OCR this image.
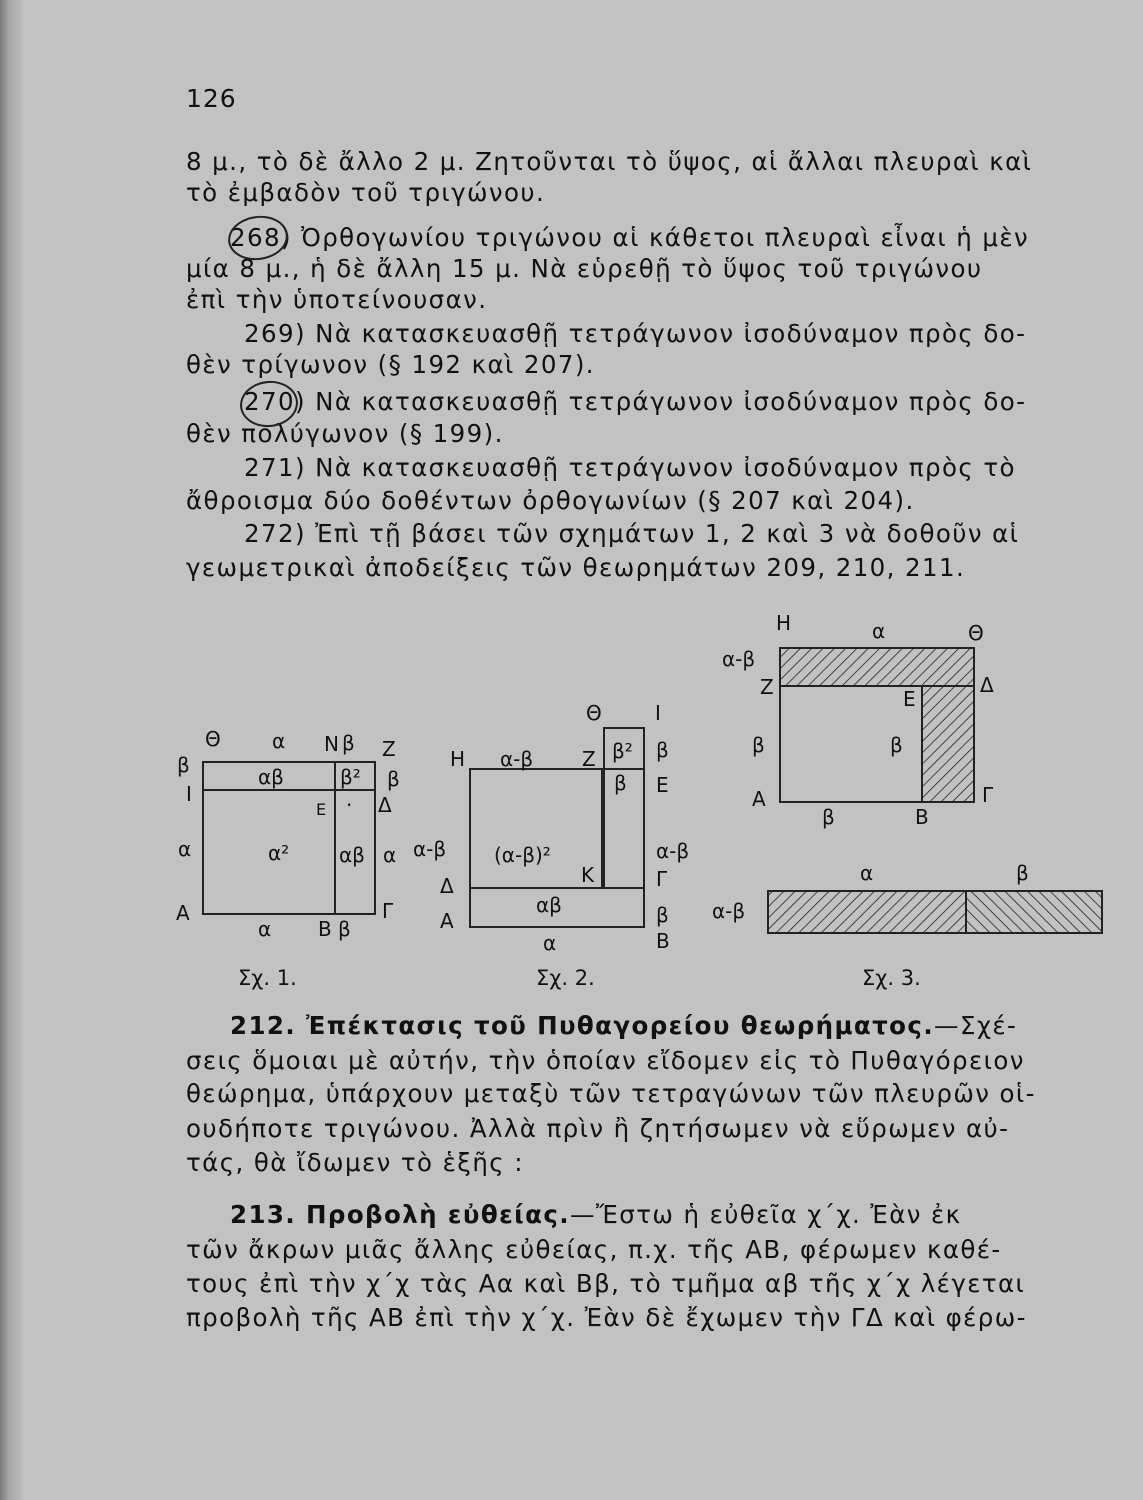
126
8 μ., τὸ δὲ ἄλλο 2 μ. Ζητοῦνται τὸ ὕψος, αἱ ἄλλαι πλευραὶ καὶ
τὸ ἐμβαδὸν τοῦ τριγώνου.
268) Ὀρθογωνίου τριγώνου αἱ κάθετοι πλευραὶ εἶναι ἡ μὲν
μία 8 μ., ἡ δὲ ἄλλη 15 μ. Νὰ εὑρεθῇ τὸ ὕψος τοῦ τριγώνου
ἐπὶ τὴν ὑποτείνουσαν.
269) Νὰ κατασκευασθῇ τετράγωνον ἰσοδύναμον πρὸς δο-
θὲν τρίγωνον (§ 192 καὶ 207).
270) Νὰ κατασκευασθῇ τετράγωνον ἰσοδύναμον πρὸς δο-
θὲν πολύγωνον (§ 199).
271) Νὰ κατασκευασθῇ τετράγωνον ἰσοδύναμον πρὸς τὸ
ἄθροισμα δύο δοθέντων ὀρθογωνίων (§ 207 καὶ 204).
272) Ἐπὶ τῇ βάσει τῶν σχημάτων 1, 2 καὶ 3 νὰ δοθοῦν αἱ
γεωμετρικαὶ ἀποδείξεις τῶν θεωρημάτων 209, 210, 211.
Θ	α N β Z
β
I
α
A
αβ	β²
E · Δ
α² αβ α
α B β
Γ
β
Θ	I
H α-β Z β² β
β E
α-β (α-β)²
K
α-β
Γ
Δ
A
αβ	β
α	B
H	α	Θ
α-β
Z	Δ
E
β	β
A	Γ
β	B
α	β
α-β
Σχ. 1.	Σχ. 2.	Σχ. 3.
212. Ἐπέκτασις τοῦ Πυθαγορείου θεωρήματος.—Σχέ-
σεις ὅμοιαι μὲ αὐτήν, τὴν ὁποίαν εἴδομεν εἰς τὸ Πυθαγόρειον
θεώρημα, ὑπάρχουν μεταξὺ τῶν τετραγώνων τῶν πλευρῶν οἱ-
ουδήποτε τριγώνου. Ἀλλὰ πρὶν ἢ ζητήσωμεν νὰ εὕρωμεν αὐ-
τάς, θὰ ἴδωμεν τὸ ἑξῆς :
213. Προβολὴ εὐθείας.—Ἔστω ἡ εὐθεῖα χ΄χ. Ἐὰν ἐκ
τῶν ἄκρων μιᾶς ἄλλης εὐθείας, π.χ. τῆς ΑΒ, φέρωμεν καθέ-
τους ἐπὶ τὴν χ΄χ τὰς Αα καὶ Ββ, τὸ τμῆμα αβ τῆς χ΄χ λέγεται
προβολὴ τῆς ΑΒ ἐπὶ τὴν χ΄χ. Ἐὰν δὲ ἔχωμεν τὴν ΓΔ καὶ φέρω-
